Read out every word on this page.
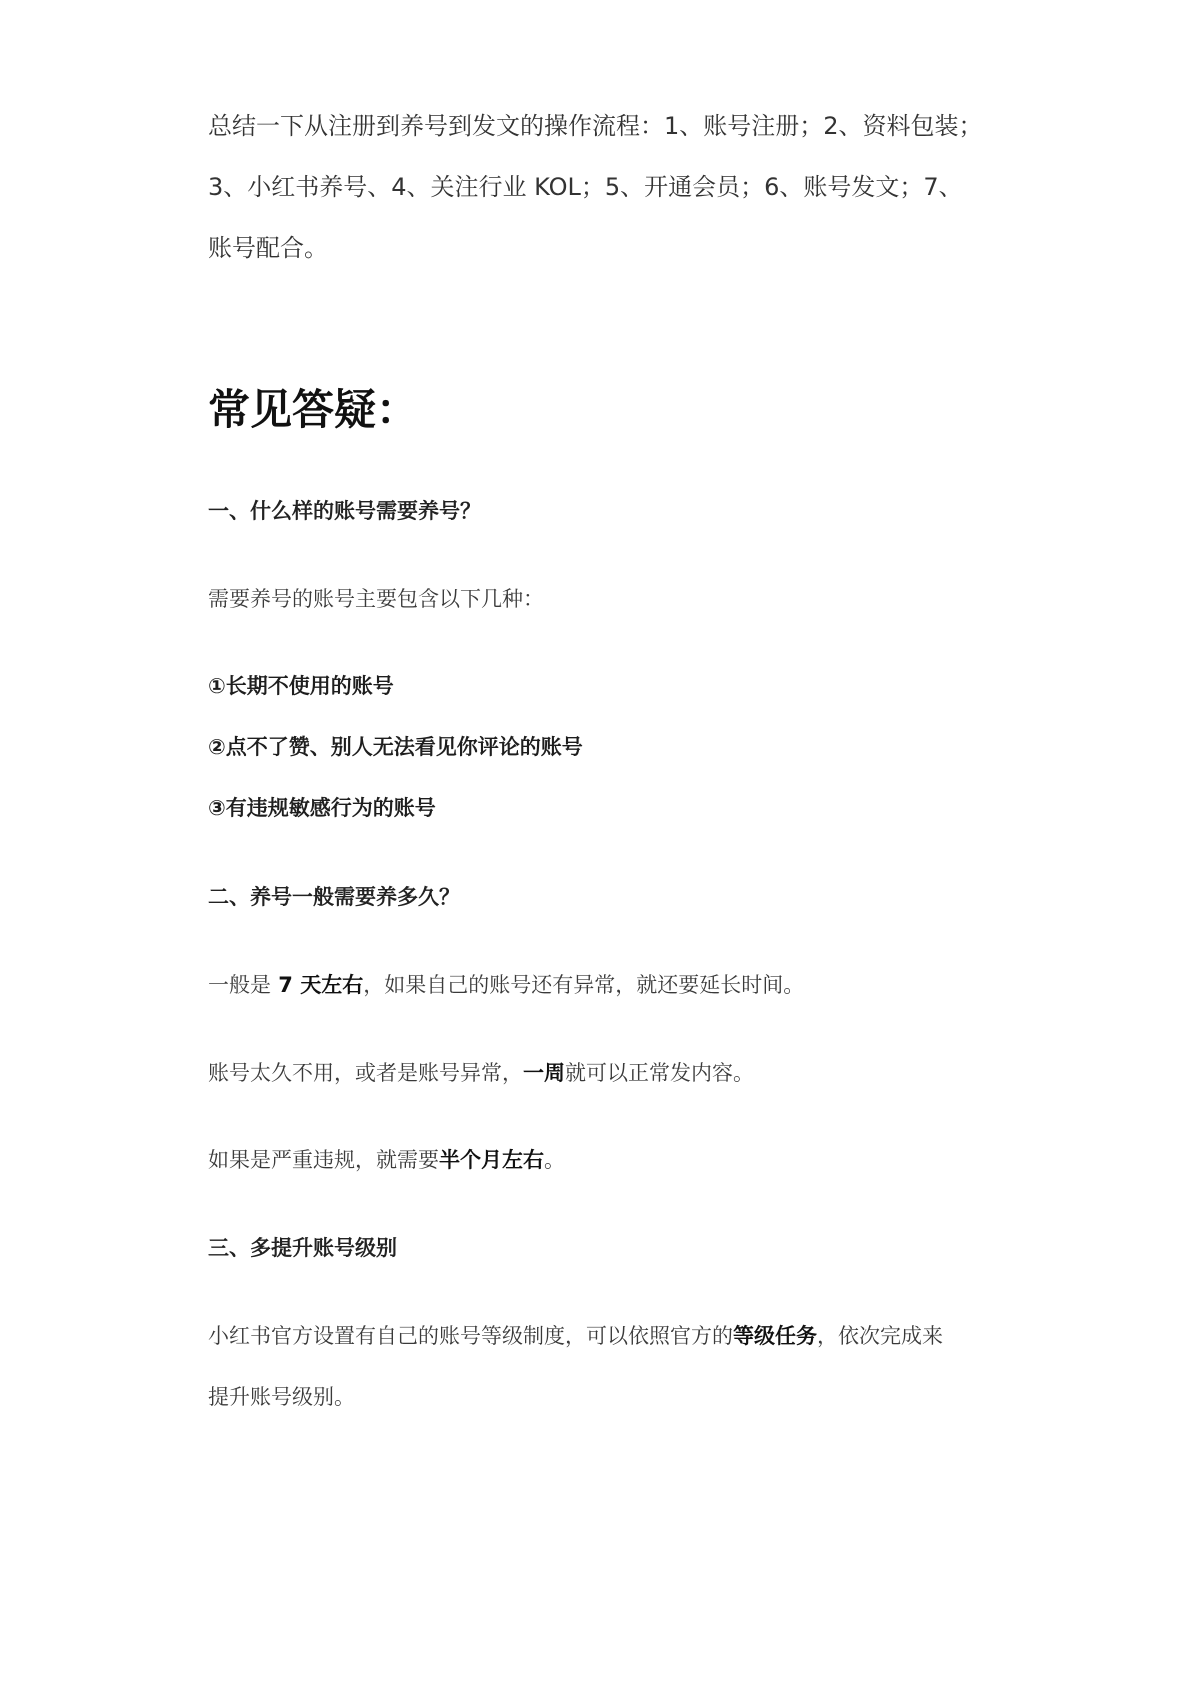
总结一下从注册到养号到发文的操作流程：1、账号注册；2、资料包装；

3、小红书养号、4、关注行业 KOL；5、开通会员；6、账号发文；7、

账号配合。

常见答疑：

一、什么样的账号需要养号？

需要养号的账号主要包含以下几种：

①长期不使用的账号

②点不了赞、别人无法看见你评论的账号

③有违规敏感行为的账号

二、养号一般需要养多久？

一般是 7 天左右，如果自己的账号还有异常，就还要延长时间。

账号太久不用，或者是账号异常，一周就可以正常发内容。

如果是严重违规，就需要半个月左右。

三、多提升账号级别

小红书官方设置有自己的账号等级制度，可以依照官方的等级任务，依次完成来

提升账号级别。
